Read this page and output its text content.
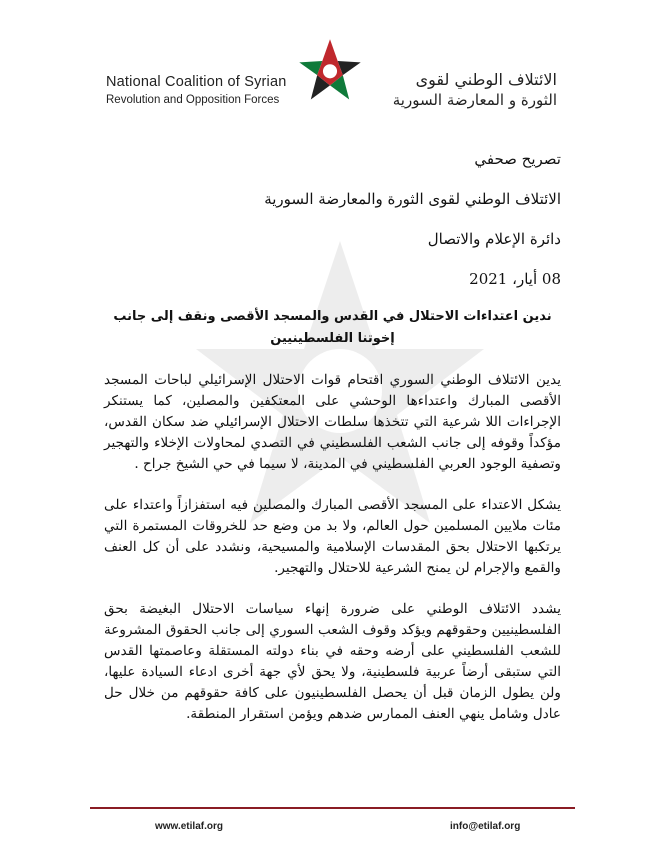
National Coalition of Syrian
Revolution and Opposition Forces
الائتلاف الوطني لقوى
الثورة و المعارضة السورية
تصريح صحفي
الائتلاف الوطني لقوى الثورة والمعارضة السورية
دائرة الإعلام والاتصال
08 أيار، 2021
ندين اعتداءات الاحتلال في القدس والمسجد الأقصى ونقف إلى جانب إخوتنا الفلسطينيين

يدين الائتلاف الوطني السوري اقتحام قوات الاحتلال الإسرائيلي لباحات المسجد الأقصى المبارك واعتداءها الوحشي على المعتكفين والمصلين، كما يستنكر الإجراءات اللا شرعية التي تتخذها سلطات الاحتلال الإسرائيلي ضد سكان القدس، مؤكداً وقوفه إلى جانب الشعب الفلسطيني في التصدي لمحاولات الإخلاء والتهجير وتصفية الوجود العربي الفلسطيني في المدينة، لا سيما في حي الشيخ جراح .

يشكل الاعتداء على المسجد الأقصى المبارك والمصلين فيه استفزازاً واعتداء على مئات ملايين المسلمين حول العالم، ولا بد من وضع حد للخروقات المستمرة التي يرتكبها الاحتلال بحق المقدسات الإسلامية والمسيحية، ونشدد على أن كل العنف والقمع والإجرام لن يمنح الشرعية للاحتلال والتهجير.

يشدد الائتلاف الوطني على ضرورة إنهاء سياسات الاحتلال البغيضة بحق الفلسطينيين وحقوقهم ويؤكد وقوف الشعب السوري إلى جانب الحقوق المشروعة للشعب الفلسطيني على أرضه وحقه في بناء دولته المستقلة وعاصمتها القدس التي ستبقى أرضاً عربية فلسطينية، ولا يحق لأي جهة أخرى ادعاء السيادة عليها، ولن يطول الزمان قبل أن يحصل الفلسطينيون على كافة حقوقهم من خلال حل عادل وشامل ينهي العنف الممارس ضدهم ويؤمن استقرار المنطقة.

www.etilaf.org	info@etilaf.org
